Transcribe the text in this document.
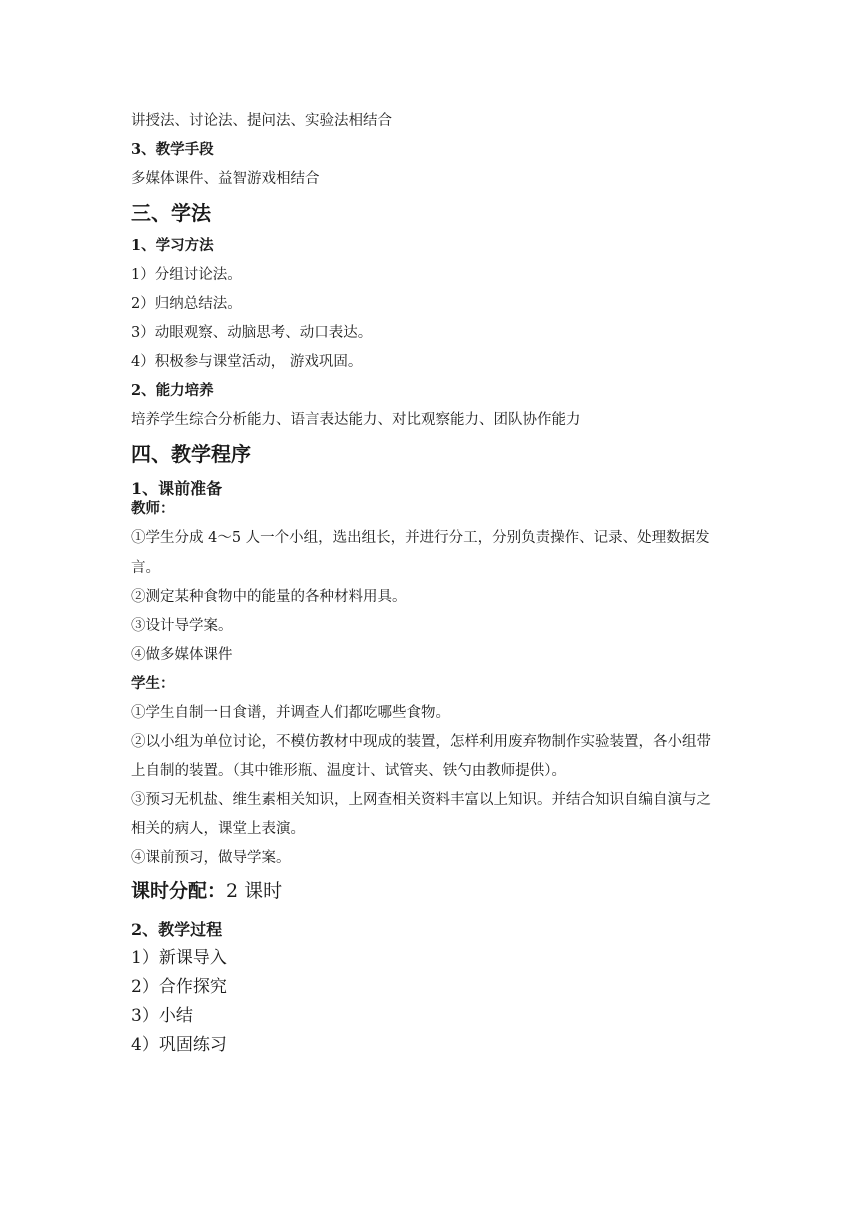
讲授法、讨论法、提问法、实验法相结合
3、教学手段
多媒体课件、益智游戏相结合
三、学法
1、学习方法
1）分组讨论法。
2）归纳总结法。
3）动眼观察、动脑思考、动口表达。
4）积极参与课堂活动， 游戏巩固。
2、能力培养
培养学生综合分析能力、语言表达能力、对比观察能力、团队协作能力
四、教学程序
1、课前准备
教师：
①学生分成 4～5 人一个小组，选出组长，并进行分工，分别负责操作、记录、处理数据发
言。
②测定某种食物中的能量的各种材料用具。
③设计导学案。
④做多媒体课件
学生：
①学生自制一日食谱，并调查人们都吃哪些食物。
②以小组为单位讨论，不模仿教材中现成的装置，怎样利用废弃物制作实验装置，各小组带
上自制的装置。（其中锥形瓶、温度计、试管夹、铁勺由教师提供）。
③预习无机盐、维生素相关知识，上网查相关资料丰富以上知识。并结合知识自编自演与之
相关的病人，课堂上表演。
④课前预习，做导学案。
课时分配：2 课时
2、教学过程
1）新课导入
2）合作探究
3）小结
4）巩固练习
